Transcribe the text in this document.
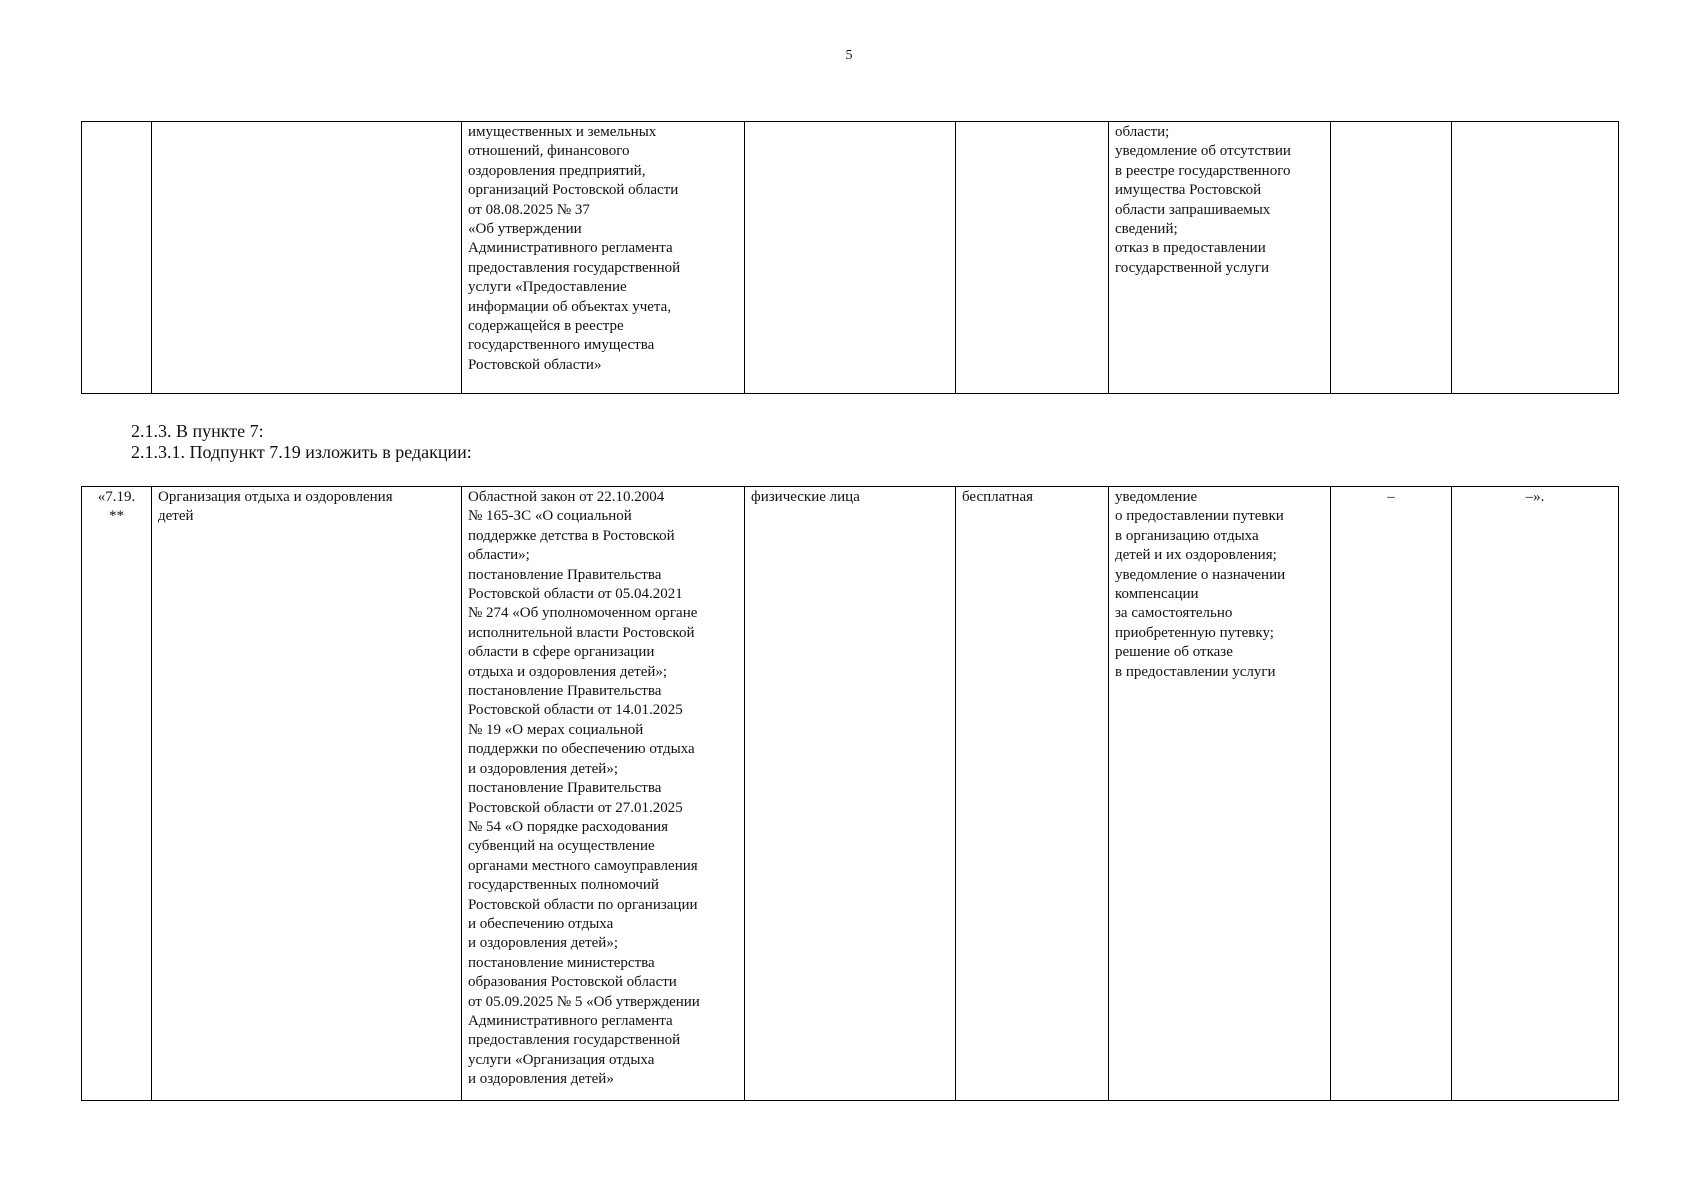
5
		имущественных и земельных
отношений, финансового
оздоровления предприятий,
организаций Ростовской области
от 08.08.2025 № 37
«Об утверждении
Административного регламента
предоставления государственной
услуги «Предоставление
информации об объектах учета,
содержащейся в реестре
государственного имущества
Ростовской области»			области;
уведомление об отсутствии
в реестре государственного
имущества Ростовской
области запрашиваемых
сведений;
отказ в предоставлении
государственной услуги		
2.1.3. В пункте 7:
2.1.3.1. Подпункт 7.19 изложить в редакции:
«7.19.
**	Организация отдыха и оздоровления
детей	Областной закон от 22.10.2004
№ 165-ЗС «О социальной
поддержке детства в Ростовской
области»;
постановление Правительства
Ростовской области от 05.04.2021
№ 274 «Об уполномоченном органе
исполнительной власти Ростовской
области в сфере организации
отдыха и оздоровления детей»;
постановление Правительства
Ростовской области от 14.01.2025
№ 19 «О мерах социальной
поддержки по обеспечению отдыха
и оздоровления детей»;
постановление Правительства
Ростовской области от 27.01.2025
№ 54 «О порядке расходования
субвенций на осуществление
органами местного самоуправления
государственных полномочий
Ростовской области по организации
и обеспечению отдыха
и оздоровления детей»;
постановление министерства
образования Ростовской области
от 05.09.2025 № 5 «Об утверждении
Административного регламента
предоставления государственной
услуги «Организация отдыха
и оздоровления детей»	физические лица	бесплатная	уведомление
о предоставлении путевки
в организацию отдыха
детей и их оздоровления;
уведомление о назначении
компенсации
за самостоятельно
приобретенную путевку;
решение об отказе
в предоставлении услуги	–	–».
